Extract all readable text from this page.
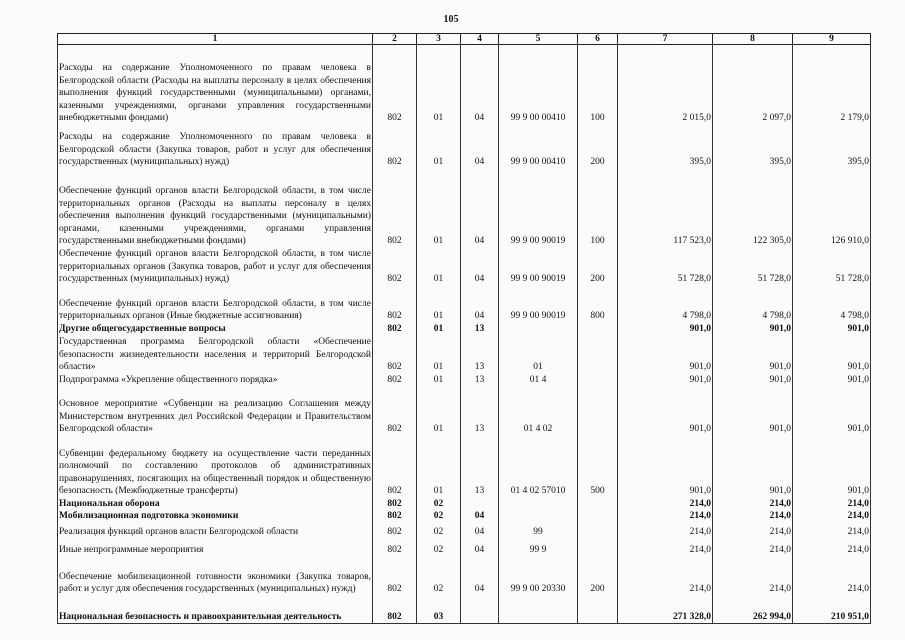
105
1	2	3	4	5	6	7	8	9
Расходы на содержание Уполномоченного по правам человека в Белгородской области (Расходы на выплаты персоналу в целях обеспечения выполнения функций государственными (муниципальными) органами, казенными учреждениями, органами управления государственными внебюджетными фондами)	802	01	04	99 9 00 00410	100	2 015,0	2 097,0	2 179,0
Расходы на содержание Уполномоченного по правам человека в Белгородской области (Закупка товаров, работ и услуг для обеспечения государственных (муниципальных) нужд)	802	01	04	99 9 00 00410	200	395,0	395,0	395,0
Обеспечение функций органов власти Белгородской области, в том числе территориальных органов (Расходы на выплаты персоналу в целях обеспечения выполнения функций государственными (муниципальными) органами, казенными учреждениями, органами управления государственными внебюджетными фондами)	802	01	04	99 9 00 90019	100	117 523,0	122 305,0	126 910,0
Обеспечение функций органов власти Белгородской области, в том числе территориальных органов (Закупка товаров, работ и услуг для обеспечения государственных (муниципальных) нужд)	802	01	04	99 9 00 90019	200	51 728,0	51 728,0	51 728,0
Обеспечение функций органов власти Белгородской области, в том числе территориальных органов (Иные бюджетные ассигнования)	802	01	04	99 9 00 90019	800	4 798,0	4 798,0	4 798,0
Другие общегосударственные вопросы	802	01	13			901,0	901,0	901,0
Государственная программа Белгородской области «Обеспечение безопасности жизнедеятельности населения и территорий Белгородской области»	802	01	13	01		901,0	901,0	901,0
Подпрограмма «Укрепление общественного порядка»	802	01	13	01 4		901,0	901,0	901,0
Основное мероприятие «Субвенции на реализацию Соглашения между Министерством внутренних дел Российской Федерации и Правительством Белгородской области»	802	01	13	01 4 02		901,0	901,0	901,0
Субвенции федеральному бюджету на осуществление части переданных полномочий по составлению протоколов об административных правонарушениях, посягающих на общественный порядок и общественную безопасность (Межбюджетные трансферты)	802	01	13	01 4 02 57010	500	901,0	901,0	901,0
Национальная оборона	802	02				214,0	214,0	214,0
Мобилизационная подготовка экономики	802	02	04			214,0	214,0	214,0
Реализация функций органов власти Белгородской области	802	02	04	99		214,0	214,0	214,0
Иные непрограммные мероприятия	802	02	04	99 9		214,0	214,0	214,0
Обеспечение мобилизационной готовности экономики (Закупка товаров, работ и услуг для обеспечения государственных (муниципальных) нужд)	802	02	04	99 9 00 20330	200	214,0	214,0	214,0
Национальная безопасность и правоохранительная деятельность	802	03				271 328,0	262 994,0	210 951,0
